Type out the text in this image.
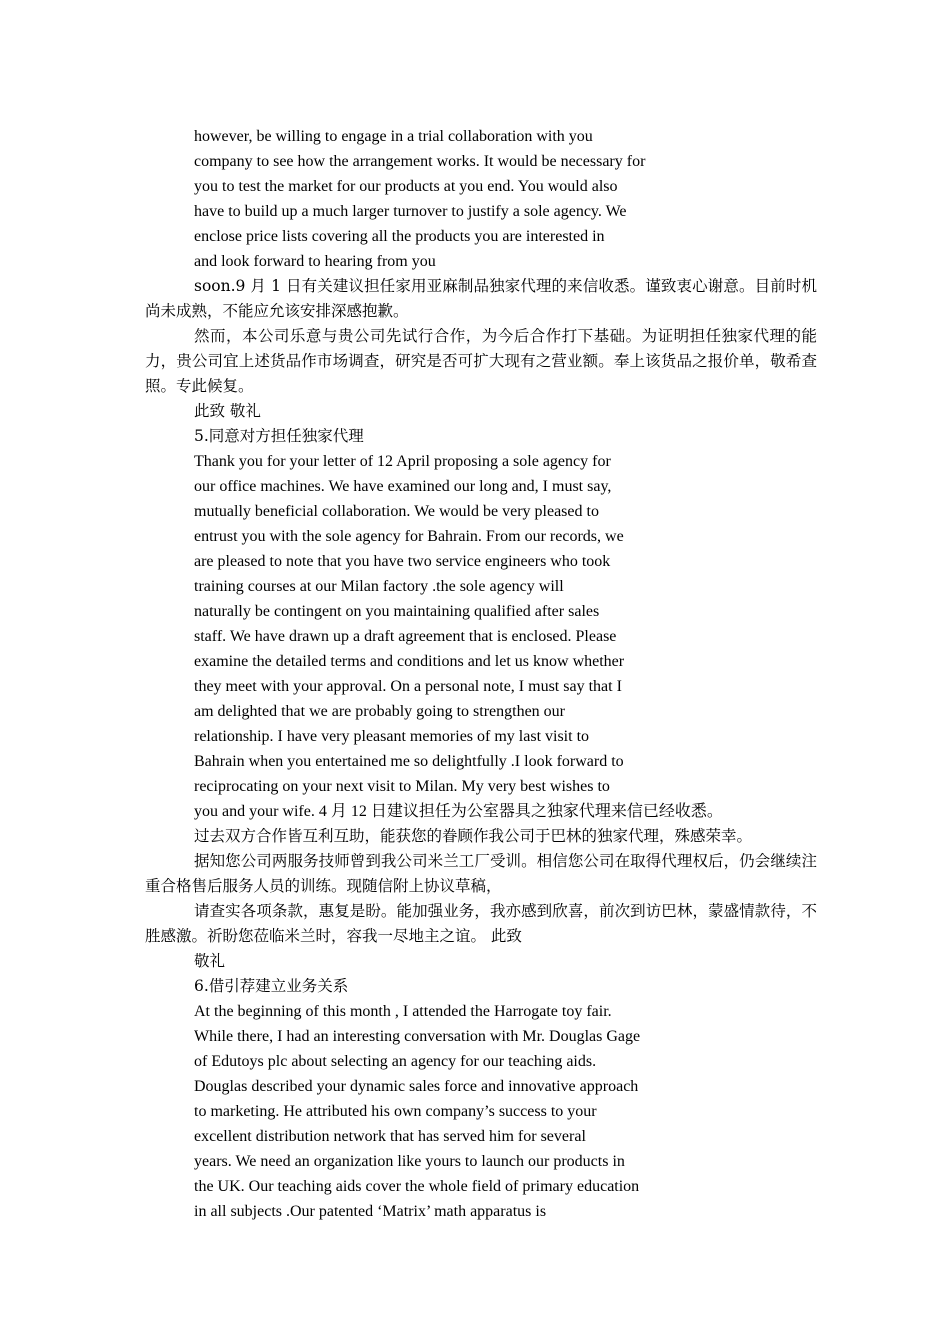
however, be willing to engage in a trial collaboration with you
company to see how the arrangement works. It would be necessary for
you to test the market for our products at you end. You would also
have to build up a much larger turnover to justify a sole agency. We
enclose price lists covering all the products you are interested in
and look forward to hearing from you
soon.9 月 1 日有关建议担任家用亚麻制品独家代理的来信收悉。谨致衷心谢意。目前时机尚未成熟，不能应允该安排深感抱歉。
然而，本公司乐意与贵公司先试行合作，为今后合作打下基础。为证明担任独家代理的能力，贵公司宜上述货品作市场调查，研究是否可扩大现有之营业额。奉上该货品之报价单，敬希查照。专此候复。
此致 敬礼
5.同意对方担任独家代理
Thank you for your letter of 12 April proposing a sole agency for
our office machines. We have examined our long and, I must say,
mutually beneficial collaboration. We would be very pleased to
entrust you with the sole agency for Bahrain. From our records, we
are pleased to note that you have two service engineers who took
training courses at our Milan factory .the sole agency will
naturally be contingent on you maintaining qualified after sales
staff. We have drawn up a draft agreement that is enclosed. Please
examine the detailed terms and conditions and let us know whether
they meet with your approval. On a personal note, I must say that I
am delighted that we are probably going to strengthen our
relationship. I have very pleasant memories of my last visit to
Bahrain when you entertained me so delightfully .I look forward to
reciprocating on your next visit to Milan. My very best wishes to
you and your wife. 4 月 12 日建议担任为公室器具之独家代理来信已经收悉。
过去双方合作皆互利互助，能获您的眷顾作我公司于巴林的独家代理，殊感荣幸。
据知您公司两服务技师曾到我公司米兰工厂受训。相信您公司在取得代理权后，仍会继续注重合格售后服务人员的训练。现随信附上协议草稿，
请查实各项条款，惠复是盼。能加强业务，我亦感到欣喜，前次到访巴林，蒙盛情款待，不胜感激。祈盼您莅临米兰时，容我一尽地主之谊。 此致
敬礼
6.借引荐建立业务关系
At the beginning of this month , I attended the Harrogate toy fair.
While there, I had an interesting conversation with Mr. Douglas Gage
of Edutoys plc about selecting an agency for our teaching aids.
Douglas described your dynamic sales force and innovative approach
to marketing. He attributed his own company’s success to your
excellent distribution network that has served him for several
years. We need an organization like yours to launch our products in
the UK. Our teaching aids cover the whole field of primary education
in all subjects .Our patented ‘Matrix’ math apparatus is
